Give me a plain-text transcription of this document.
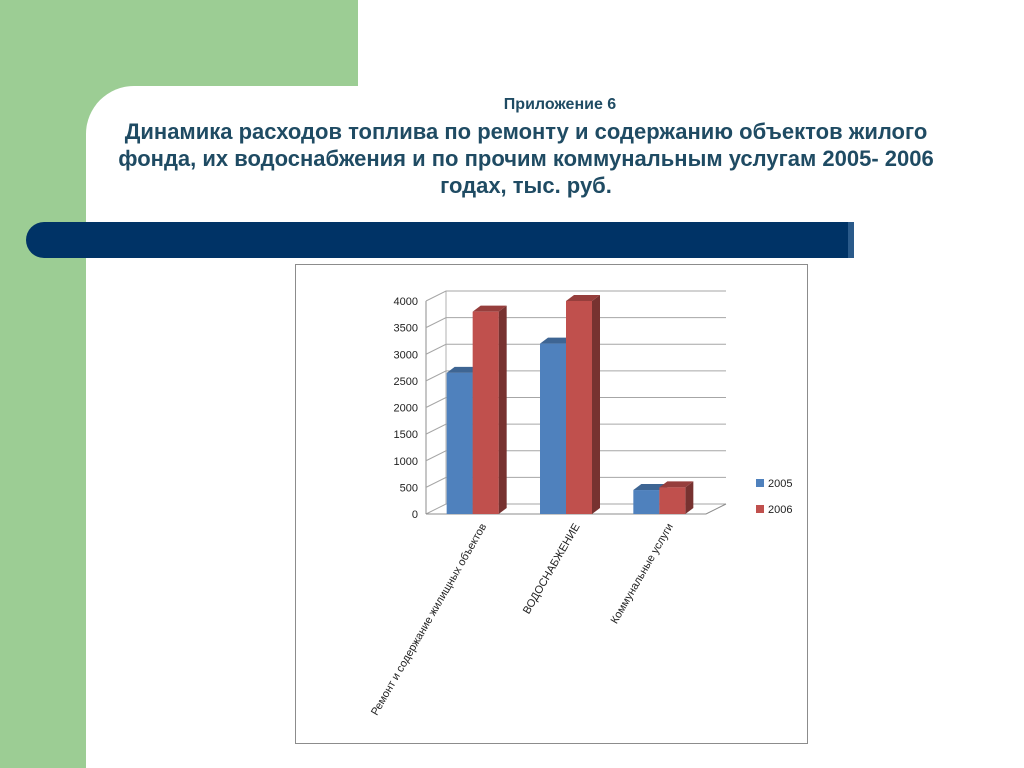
Приложение 6
Динамика расходов топлива по ремонту и содержанию объектов жилого фонда, их водоснабжения и по прочим коммунальным услугам 2005- 2006 годах, тыс. руб.
0
500
1000
1500
2000
2500
3000
3500
4000
Ремонт и содержание жилищных объектов	ВОДОСНАБЖЕНИЕ Коммунальные услуги
2005
2006
